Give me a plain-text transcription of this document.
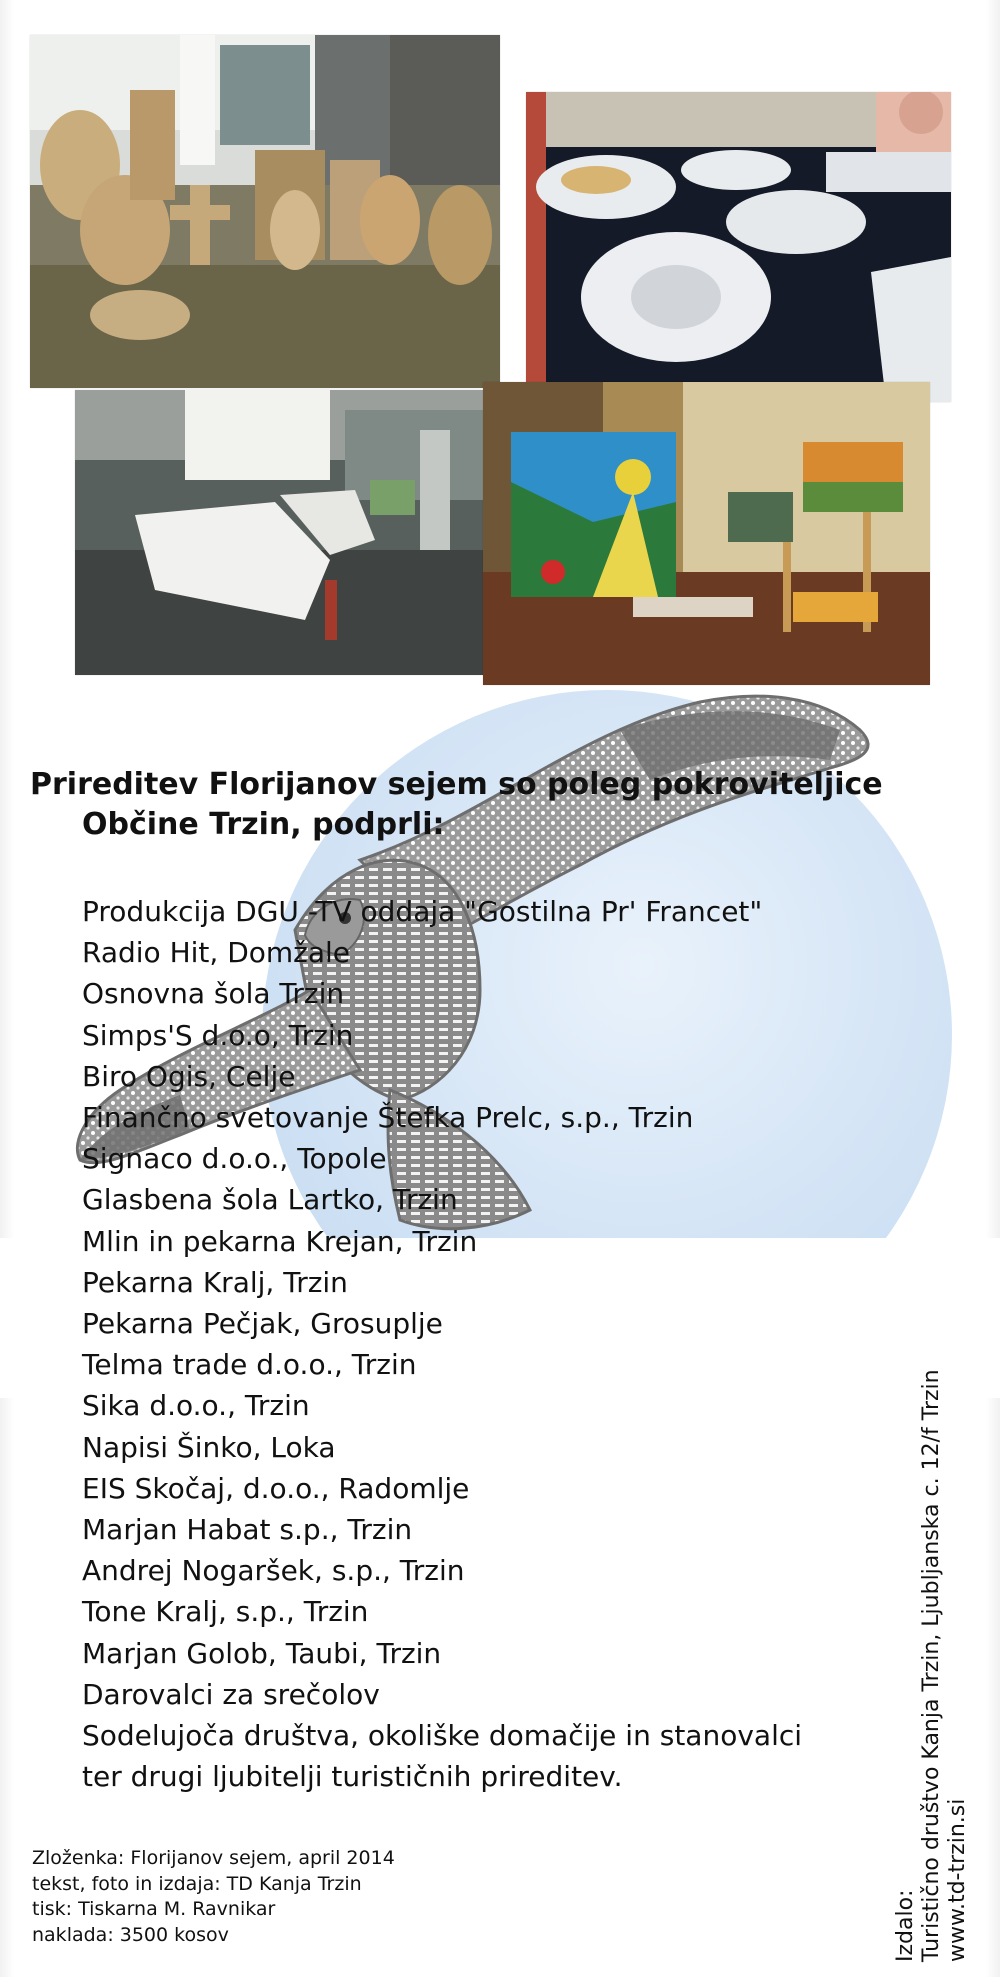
Prireditev Florijanov sejem so poleg pokroviteljice
Občine Trzin, podprli:
Produkcija DGU -TV oddaja "Gostilna Pr' Francet"
Radio Hit, Domžale
Osnovna šola Trzin
Simps'S d.o.o, Trzin
Biro Ogis, Celje
Finančno svetovanje Štefka Prelc, s.p., Trzin
Signaco d.o.o., Topole
Glasbena šola Lartko, Trzin
Mlin in pekarna Krejan, Trzin
Pekarna Kralj, Trzin
Pekarna Pečjak, Grosuplje
Telma trade d.o.o., Trzin
Sika d.o.o., Trzin
Napisi Šinko, Loka
EIS Skočaj, d.o.o., Radomlje
Marjan Habat s.p., Trzin
Andrej Nogaršek, s.p., Trzin
Tone Kralj, s.p., Trzin
Marjan Golob, Taubi, Trzin
Darovalci za srečolov
Sodelujoča društva, okoliške domačije in stanovalci
ter drugi ljubitelji turističnih prireditev.
Zloženka: Florijanov sejem, april 2014
tekst, foto in izdaja: TD Kanja Trzin
tisk: Tiskarna M. Ravnikar
naklada: 3500 kosov	Izdalo: Turistično društvo Kanja Trzin, Ljubljanska c. 12/f Trzin www.td-trzin.si
